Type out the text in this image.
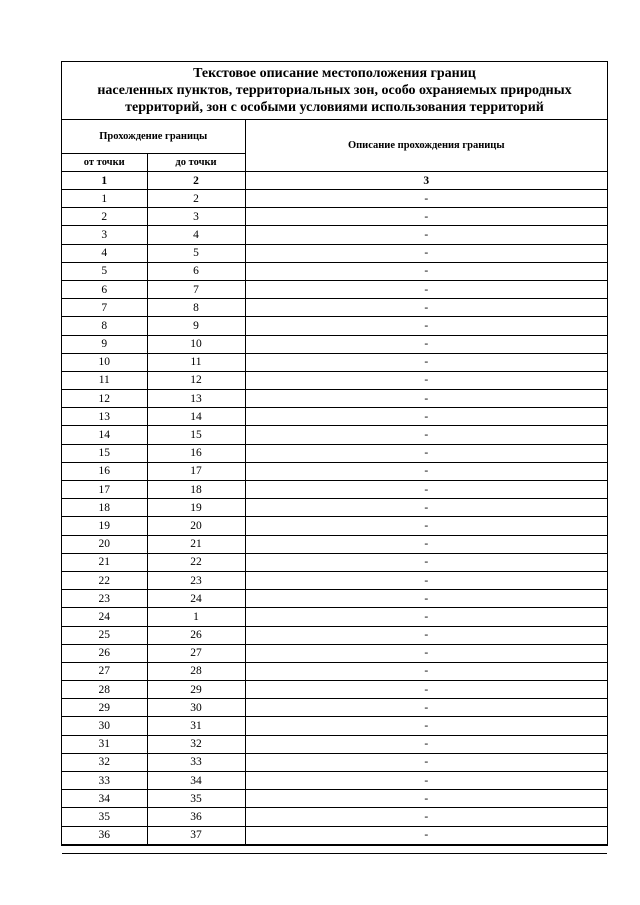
Текстовое описание местоположения границ
населенных пунктов, территориальных зон, особо охраняемых природных
территорий, зон с особыми условиями использования территорий
Прохождение границы		Описание прохождения границы
от точки	до точки	
1	2	3
1	2	-
2	3	-
3	4	-
4	5	-
5	6	-
6	7	-
7	8	-
8	9	-
9	10	-
10	11	-
11	12	-
12	13	-
13	14	-
14	15	-
15	16	-
16	17	-
17	18	-
18	19	-
19	20	-
20	21	-
21	22	-
22	23	-
23	24	-
24	1	-
25	26	-
26	27	-
27	28	-
28	29	-
29	30	-
30	31	-
31	32	-
32	33	-
33	34	-
34	35	-
35	36	-
36	37	-
